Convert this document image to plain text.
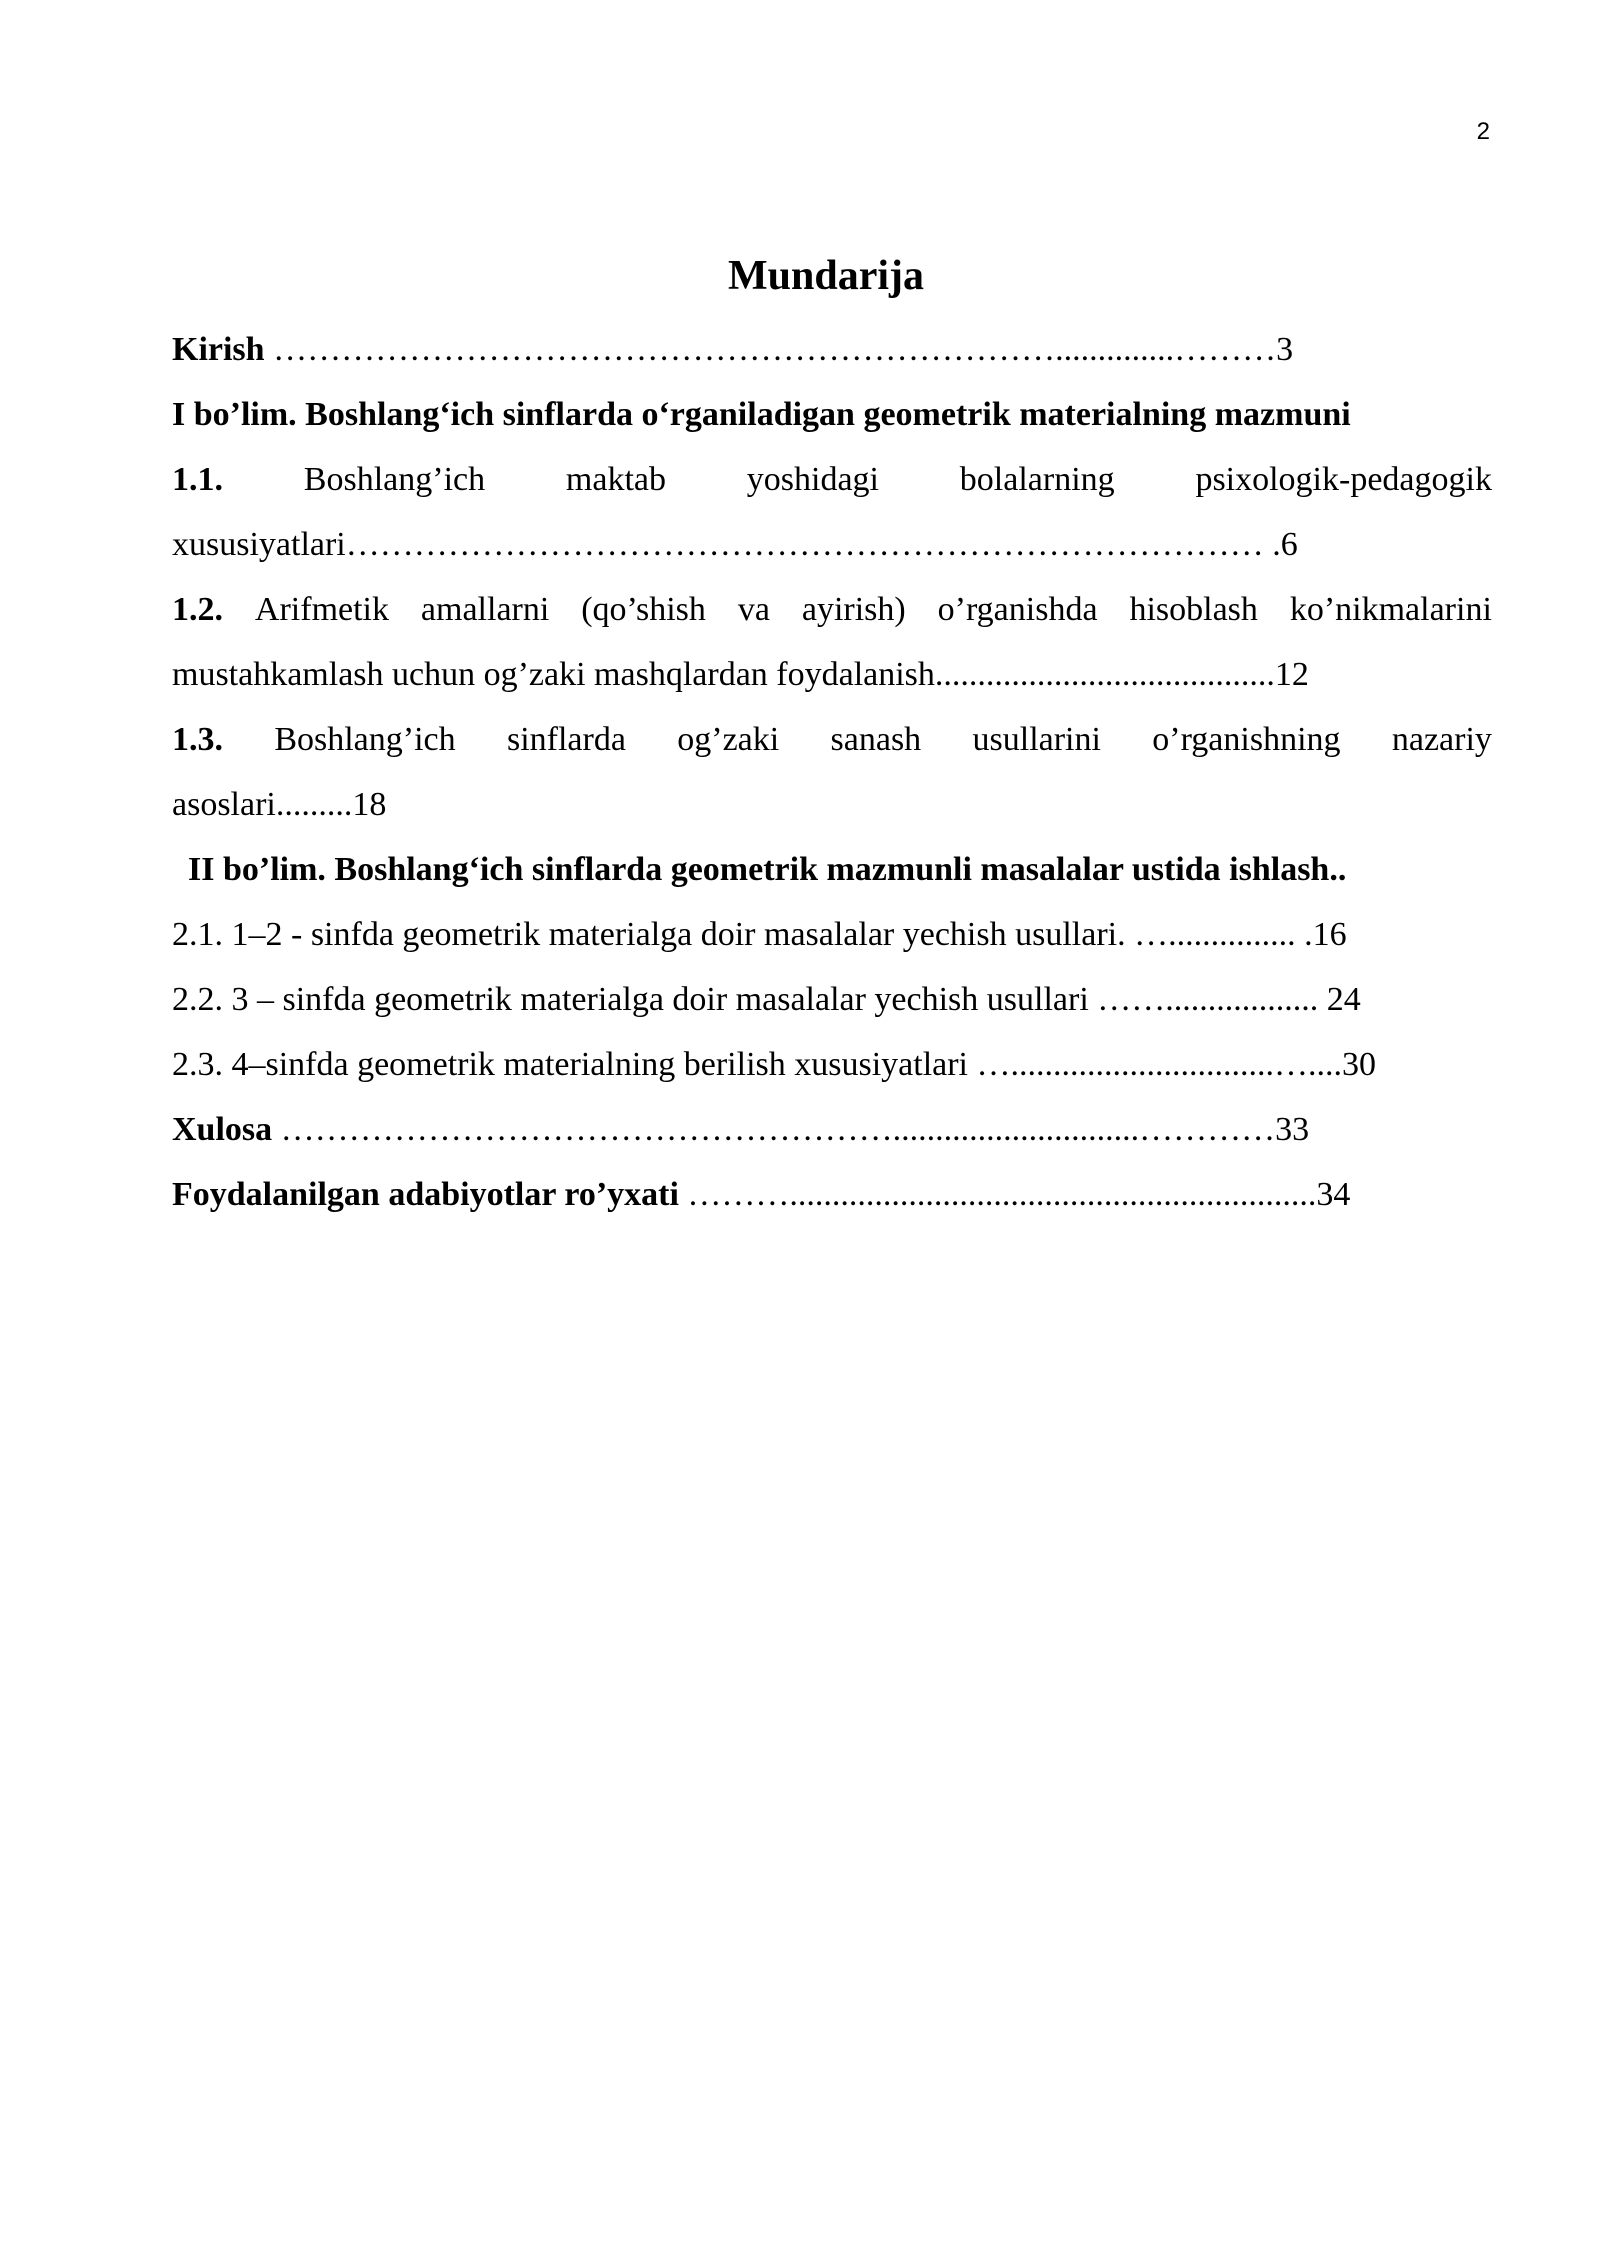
2
Mundarija
Kirish ……………………………………………………………..............………3
I bo’lim. Boshlang‘ich sinflarda o‘rganiladigan geometrik materialning mazmuni
1.1. Boshlang’ich maktab yoshidagi bolalarning psixologik-pedagogik
xususiyatlari……………………………………………………………………… .6
1.2. Arifmetik amallarni (qo’shish va ayirish) o’rganishda hisoblash ko’nikmalarini
mustahkamlash uchun og’zaki mashqlardan foydalanish........................................12
1.3. Boshlang’ich sinflarda og’zaki sanash usullarini o’rganishning nazariy
asoslari.........18
II bo’lim. Boshlang‘ich sinflarda geometrik mazmunli masalalar ustida ishlash..
2.1. 1–2 - sinfda geometrik materialga doir masalalar yechish usullari. …............... .16
2.2. 3 – sinfda geometrik materialga doir masalalar yechish usullari …….................. 24
2.3. 4–sinfda geometrik materialning berilish xususiyatlari …...............................…....30
Xulosa ……………………………………………….............................…………33
Foydalanilgan adabiyotlar ro’yxati ………..............................................................34
